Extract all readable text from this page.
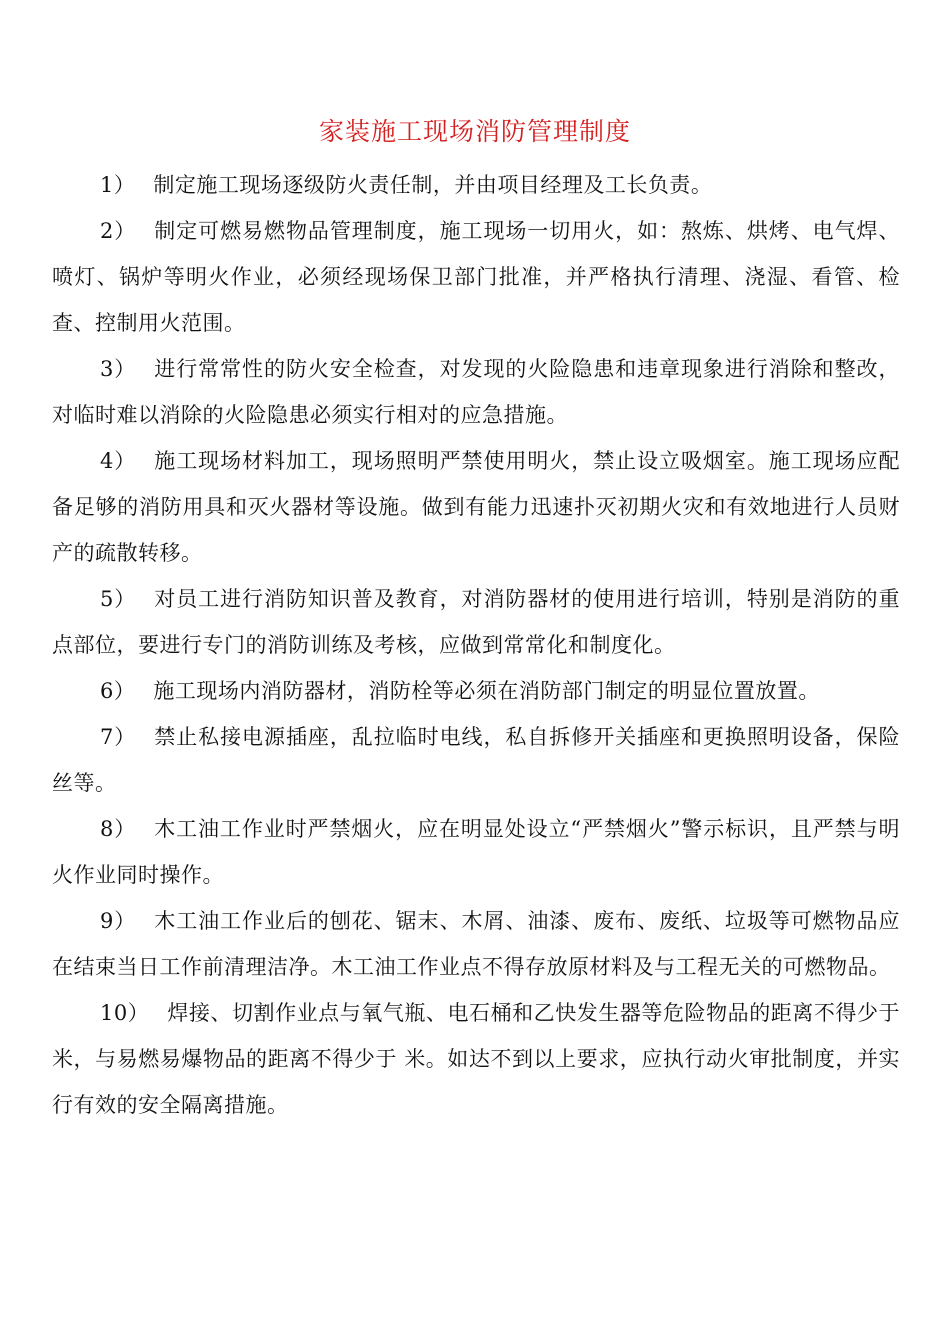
家装施工现场消防管理制度

1） 制定施工现场逐级防火责任制，并由项目经理及工长负责。

2） 制定可燃易燃物品管理制度，施工现场一切用火，如：熬炼、烘烤、电气焊、喷灯、锅炉等明火作业，必须经现场保卫部门批准，并严格执行清理、浇湿、看管、检查、控制用火范围。

3） 进行常常性的防火安全检查，对发现的火险隐患和违章现象进行消除和整改，对临时难以消除的火险隐患必须实行相对的应急措施。

4） 施工现场材料加工，现场照明严禁使用明火，禁止设立吸烟室。施工现场应配备足够的消防用具和灭火器材等设施。做到有能力迅速扑灭初期火灾和有效地进行人员财产的疏散转移。

5） 对员工进行消防知识普及教育，对消防器材的使用进行培训，特别是消防的重点部位，要进行专门的消防训练及考核，应做到常常化和制度化。

6） 施工现场内消防器材，消防栓等必须在消防部门制定的明显位置放置。

7） 禁止私接电源插座，乱拉临时电线，私自拆修开关插座和更换照明设备，保险丝等。

8） 木工油工作业时严禁烟火，应在明显处设立“严禁烟火”警示标识，且严禁与明火作业同时操作。

9） 木工油工作业后的刨花、锯末、木屑、油漆、废布、废纸、垃圾等可燃物品应在结束当日工作前清理洁净。木工油工作业点不得存放原材料及与工程无关的可燃物品。

10） 焊接、切割作业点与氧气瓶、电石桶和乙快发生器等危险物品的距离不得少于 米，与易燃易爆物品的距离不得少于 米。如达不到以上要求，应执行动火审批制度，并实行有效的安全隔离措施。
